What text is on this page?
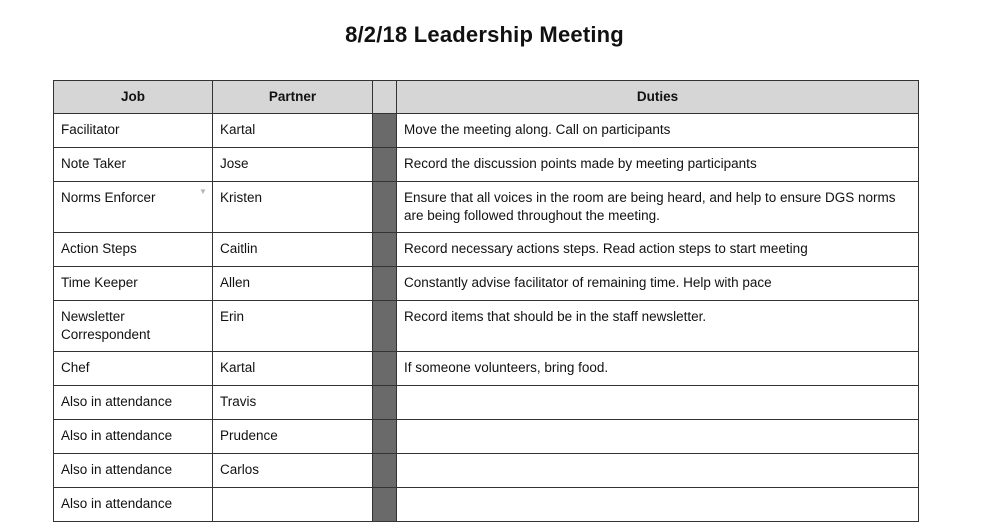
8/2/18 Leadership Meeting
Job	Partner		Duties
Facilitator	Kartal		Move the meeting along. Call on participants
Note Taker	Jose		Record the discussion points made by meeting participants

Norms Enforcer ▼	Kristen		Ensure that all voices in the room are being heard, and help to ensure DGS norms are being followed throughout the meeting.
Action Steps	Caitlin		Record necessary actions steps. Read action steps to start meeting
Time Keeper	Allen		Constantly advise facilitator of remaining time. Help with pace
Newsletter Correspondent	Erin		Record items that should be in the staff newsletter.
Chef	Kartal		If someone volunteers, bring food.
Also in attendance	Travis		
Also in attendance	Prudence		
Also in attendance	Carlos		
Also in attendance			
